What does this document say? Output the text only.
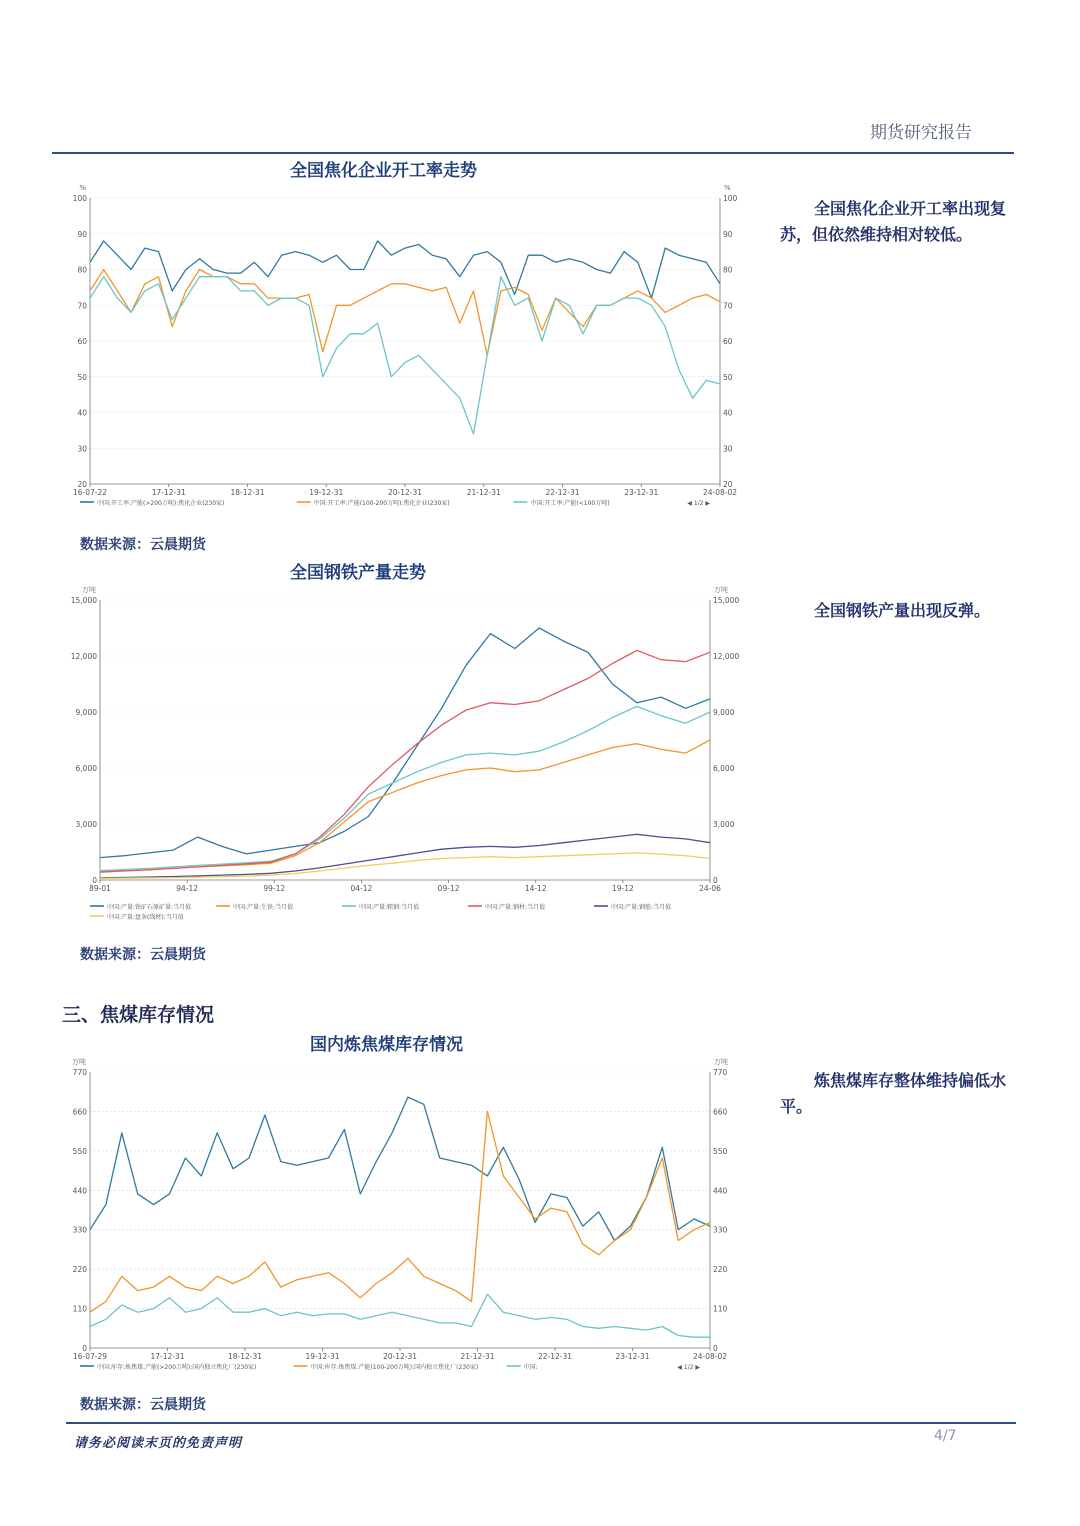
期货研究报告
全国焦化企业开工率走势
%	%
20	20
30	30
40	40
50	50
60	60
70	70
80	80
90	90
100	100
16-07-22	17-12-31	18-12-31	19-12-31	20-12-31	21-12-31	22-12-31	23-12-31	24-08-02
中国:开工率:产能(>200万吨):焦化企业(230家)	中国:开工率:产能(100-200万吨):焦化企业(230家)	中国:开工率:产能(<100万吨)	◀ 1/2 ▶
数据来源：云晨期货
全国焦化企业开工率出现复苏，但依然维持相对较低。
全国钢铁产量走势
万吨	万吨
0	0
3,000	3,000
6,000	6,000
9,000	9,000
12,000	12,000
15,000	15,000
89-01	94-12	99-12	04-12	09-12	14-12	19-12	24-06
中国:产量:铁矿石原矿量:当月值	中国:产量:生铁:当月值	中国:产量:粗钢:当月值	中国:产量:钢材:当月值	中国:产量:钢筋:当月值
中国:产量:盘条(线材):当月值
数据来源：云晨期货
全国钢铁产量出现反弹。
三、焦煤库存情况
国内炼焦煤库存情况
万吨	万吨
0	0
110	110
220	220
330	330
440	440
550	550
660	660
770	770
16-07-29	17-12-31	18-12-31	19-12-31	20-12-31	21-12-31	22-12-31	23-12-31	24-08-02
中国:库存:炼焦煤:产能(>200万吨):国内独立焦化厂(230家)	中国:库存:炼焦煤:产能(100-200万吨):国内独立焦化厂(230家)	中国:	◀ 1/2 ▶
数据来源：云晨期货
炼焦煤库存整体维持偏低水平。
请务必阅读末页的免责声明	4/7
